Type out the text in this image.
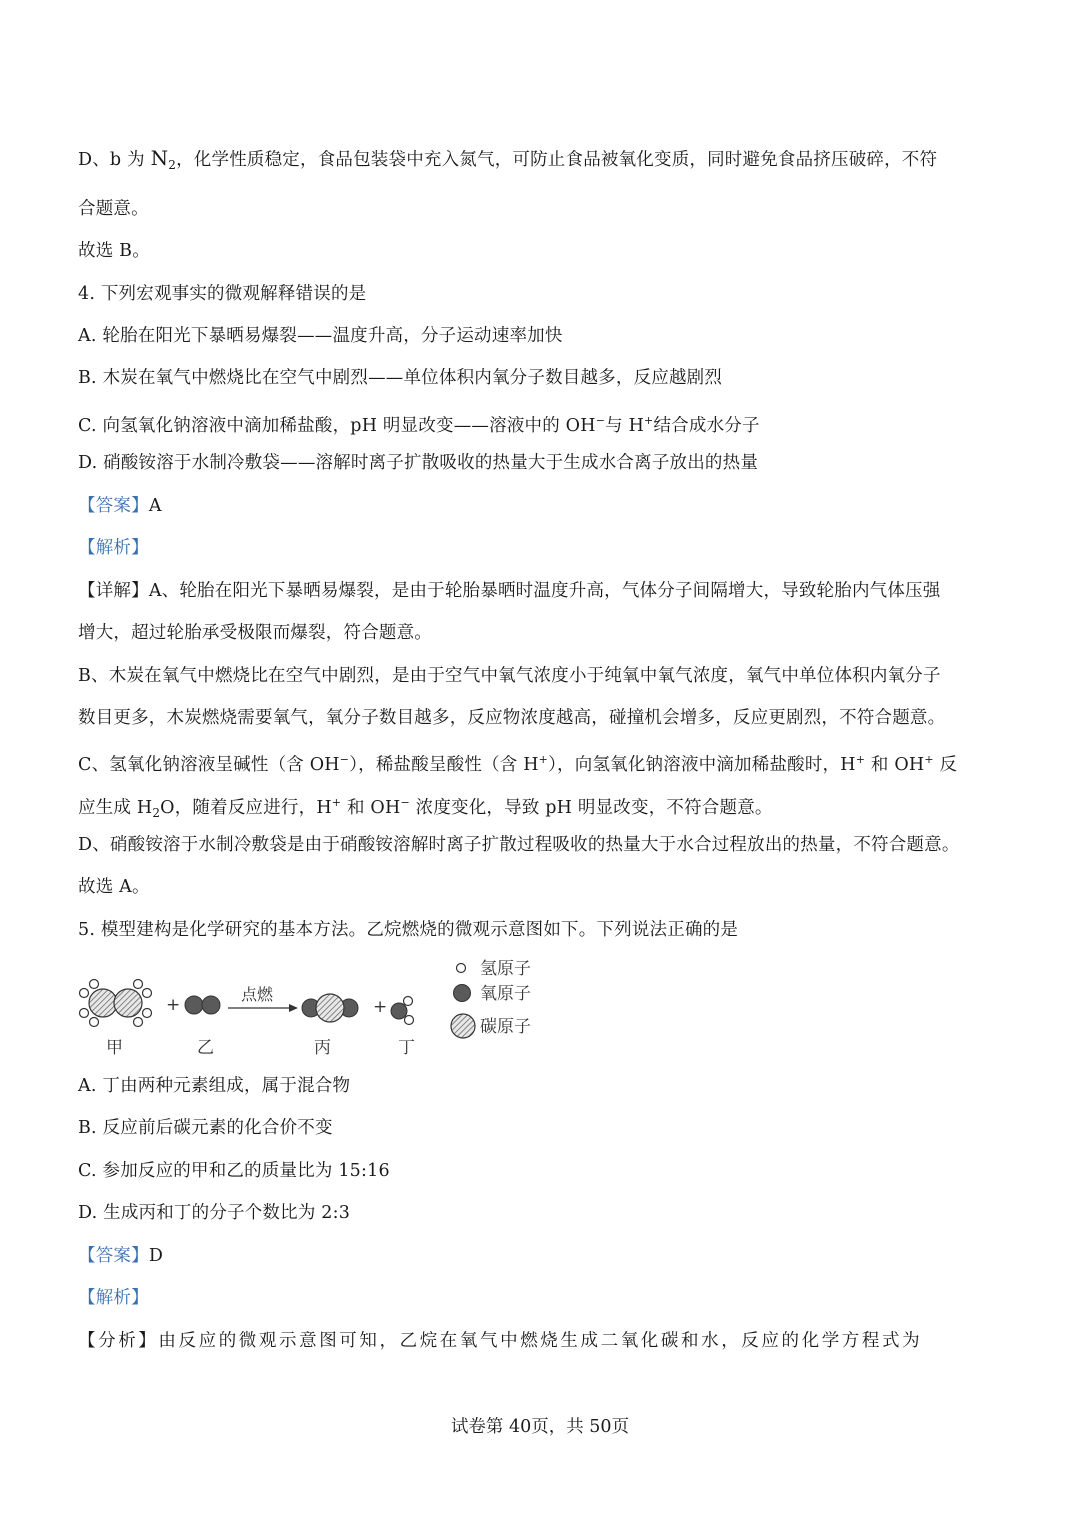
D、b 为 $N_2$，化学性质稳定，食品包装袋中充入氮气，可防止食品被氧化变质，同时避免食品挤压破碎，不符
合题意。
故选 B。
4. 下列宏观事实的微观解释错误的是
A. 轮胎在阳光下暴晒易爆裂——温度升高，分子运动速率加快
B. 木炭在氧气中燃烧比在空气中剧烈——单位体积内氧分子数目越多，反应越剧烈
C. 向氢氧化钠溶液中滴加稀盐酸，pH 明显改变——溶液中的 OH−与 H+结合成水分子
D. 硝酸铵溶于水制冷敷袋——溶解时离子扩散吸收的热量大于生成水合离子放出的热量
【答案】A
【解析】
【详解】A、轮胎在阳光下暴晒易爆裂，是由于轮胎暴晒时温度升高，气体分子间隔增大，导致轮胎内气体压强
增大，超过轮胎承受极限而爆裂，符合题意。
B、木炭在氧气中燃烧比在空气中剧烈，是由于空气中氧气浓度小于纯氧中氧气浓度，氧气中单位体积内氧分子
数目更多，木炭燃烧需要氧气，氧分子数目越多，反应物浓度越高，碰撞机会增多，反应更剧烈，不符合题意。
C、氢氧化钠溶液呈碱性（含 OH−），稀盐酸呈酸性（含 H+），向氢氧化钠溶液中滴加稀盐酸时，H+ 和 OH+ 反
应生成 $H_2O$，随着反应进行，H+ 和 OH− 浓度变化，导致 pH 明显改变，不符合题意。
D、硝酸铵溶于水制冷敷袋是由于硝酸铵溶解时离子扩散过程吸收的热量大于水合过程放出的热量，不符合题意。
故选 A。
5. 模型建构是化学研究的基本方法。乙烷燃烧的微观示意图如下。下列说法正确的是
+
点燃
+
甲	乙	丙	丁
氢原子
氧原子
碳原子
A. 丁由两种元素组成，属于混合物
B. 反应前后碳元素的化合价不变
C. 参加反应的甲和乙的质量比为 15:16
D. 生成丙和丁的分子个数比为 2:3
【答案】D
【解析】
【分析】由反应的微观示意图可知，乙烷在氧气中燃烧生成二氧化碳和水，反应的化学方程式为
试卷第 40页，共 50页
